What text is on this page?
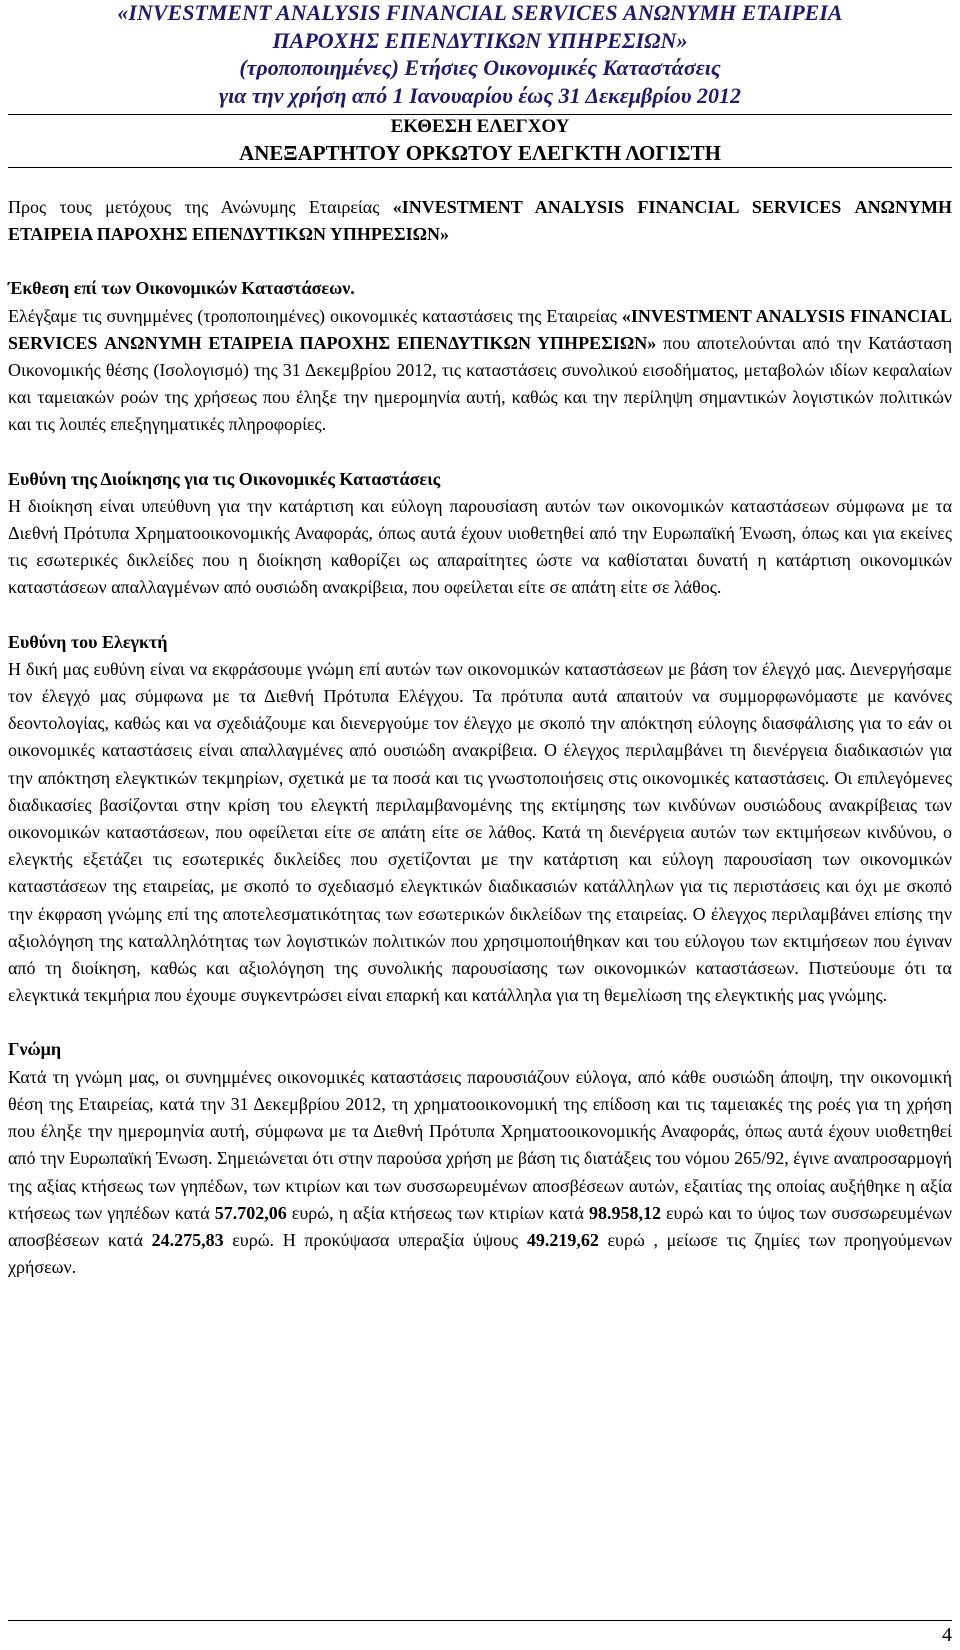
«INVESTMENT ANALYSIS FINANCIAL SERVICES ΑΝΩΝΥΜΗ ΕΤΑΙΡΕΙΑ
ΠΑΡΟΧΗΣ ΕΠΕΝΔΥΤΙΚΩΝ ΥΠΗΡΕΣΙΩΝ»
(τροποποιημένες) Ετήσιες Οικονομικές Καταστάσεις
για την χρήση από 1 Ιανουαρίου έως 31 Δεκεμβρίου 2012
ΕΚΘΕΣΗ ΕΛΕΓΧΟΥ
ΑΝΕΞΑΡΤΗΤΟΥ ΟΡΚΩΤΟΥ ΕΛΕΓΚΤΗ ΛΟΓΙΣΤΗ

Προς τους μετόχους της Ανώνυμης Εταιρείας «INVESTMENT ANALYSIS FINANCIAL SERVICES ΑΝΩΝΥΜΗ ΕΤΑΙΡΕΙΑ ΠΑΡΟΧΗΣ ΕΠΕΝΔΥΤΙΚΩΝ ΥΠΗΡΕΣΙΩΝ»

Έκθεση επί των Οικονομικών Καταστάσεων.

Ελέγξαμε τις συνημμένες (τροποποιημένες) οικονομικές καταστάσεις της Εταιρείας «INVESTMENT ANALYSIS FINANCIAL SERVICES ΑΝΩΝΥΜΗ ΕΤΑΙΡΕΙΑ ΠΑΡΟΧΗΣ ΕΠΕΝΔΥΤΙΚΩΝ ΥΠΗΡΕΣΙΩΝ» που αποτελούνται από την Κατάσταση Οικονομικής θέσης (Ισολογισμό) της 31 Δεκεμβρίου 2012, τις καταστάσεις συνολικού εισοδήματος, μεταβολών ιδίων κεφαλαίων και ταμειακών ροών της χρήσεως που έληξε την ημερομηνία αυτή, καθώς και την περίληψη σημαντικών λογιστικών πολιτικών και τις λοιπές επεξηγηματικές πληροφορίες.

Ευθύνη της Διοίκησης για τις Οικονομικές Καταστάσεις

Η διοίκηση είναι υπεύθυνη για την κατάρτιση και εύλογη παρουσίαση αυτών των οικονομικών καταστάσεων σύμφωνα με τα Διεθνή Πρότυπα Χρηματοοικονομικής Αναφοράς, όπως αυτά έχουν υιοθετηθεί από την Ευρωπαϊκή Ένωση, όπως και για εκείνες τις εσωτερικές δικλείδες που η διοίκηση καθορίζει ως απαραίτητες ώστε να καθίσταται δυνατή η κατάρτιση οικονομικών καταστάσεων απαλλαγμένων από ουσιώδη ανακρίβεια, που οφείλεται είτε σε απάτη είτε σε λάθος.

Ευθύνη του Ελεγκτή

Η δική μας ευθύνη είναι να εκφράσουμε γνώμη επί αυτών των οικονομικών καταστάσεων με βάση τον έλεγχό μας. Διενεργήσαμε τον έλεγχό μας σύμφωνα με τα Διεθνή Πρότυπα Ελέγχου. Τα πρότυπα αυτά απαιτούν να συμμορφωνόμαστε με κανόνες δεοντολογίας, καθώς και να σχεδιάζουμε και διενεργούμε τον έλεγχο με σκοπό την απόκτηση εύλογης διασφάλισης για το εάν οι οικονομικές καταστάσεις είναι απαλλαγμένες από ουσιώδη ανακρίβεια. Ο έλεγχος περιλαμβάνει τη διενέργεια διαδικασιών για την απόκτηση ελεγκτικών τεκμηρίων, σχετικά με τα ποσά και τις γνωστοποιήσεις στις οικονομικές καταστάσεις. Οι επιλεγόμενες διαδικασίες βασίζονται στην κρίση του ελεγκτή περιλαμβανομένης της εκτίμησης των κινδύνων ουσιώδους ανακρίβειας των οικονομικών καταστάσεων, που οφείλεται είτε σε απάτη είτε σε λάθος. Κατά τη διενέργεια αυτών των εκτιμήσεων κινδύνου, ο ελεγκτής εξετάζει τις εσωτερικές δικλείδες που σχετίζονται με την κατάρτιση και εύλογη παρουσίαση των οικονομικών καταστάσεων της εταιρείας, με σκοπό το σχεδιασμό ελεγκτικών διαδικασιών κατάλληλων για τις περιστάσεις και όχι με σκοπό την έκφραση γνώμης επί της αποτελεσματικότητας των εσωτερικών δικλείδων της εταιρείας. Ο έλεγχος περιλαμβάνει επίσης την αξιολόγηση της καταλληλότητας των λογιστικών πολιτικών που χρησιμοποιήθηκαν και του εύλογου των εκτιμήσεων που έγιναν από τη διοίκηση, καθώς και αξιολόγηση της συνολικής παρουσίασης των οικονομικών καταστάσεων. Πιστεύουμε ότι τα ελεγκτικά τεκμήρια που έχουμε συγκεντρώσει είναι επαρκή και κατάλληλα για τη θεμελίωση της ελεγκτικής μας γνώμης.

Γνώμη

Κατά τη γνώμη μας, οι συνημμένες οικονομικές καταστάσεις παρουσιάζουν εύλογα, από κάθε ουσιώδη άποψη, την οικονομική θέση της Εταιρείας, κατά την 31 Δεκεμβρίου 2012, τη χρηματοοικονομική της επίδοση και τις ταμειακές της ροές για τη χρήση που έληξε την ημερομηνία αυτή, σύμφωνα με τα Διεθνή Πρότυπα Χρηματοοικονομικής Αναφοράς, όπως αυτά έχουν υιοθετηθεί από την Ευρωπαϊκή Ένωση. Σημειώνεται ότι στην παρούσα χρήση με βάση τις διατάξεις του νόμου 265/92, έγινε αναπροσαρμογή της αξίας κτήσεως των γηπέδων, των κτιρίων και των συσσωρευμένων αποσβέσεων αυτών, εξαιτίας της οποίας αυξήθηκε η αξία κτήσεως των γηπέδων κατά 57.702,06 ευρώ, η αξία κτήσεως των κτιρίων κατά 98.958,12 ευρώ και το ύψος των συσσωρευμένων αποσβέσεων κατά 24.275,83 ευρώ. Η προκύψασα υπεραξία ύψους 49.219,62 ευρώ , μείωσε τις ζημίες των προηγούμενων χρήσεων.

4
